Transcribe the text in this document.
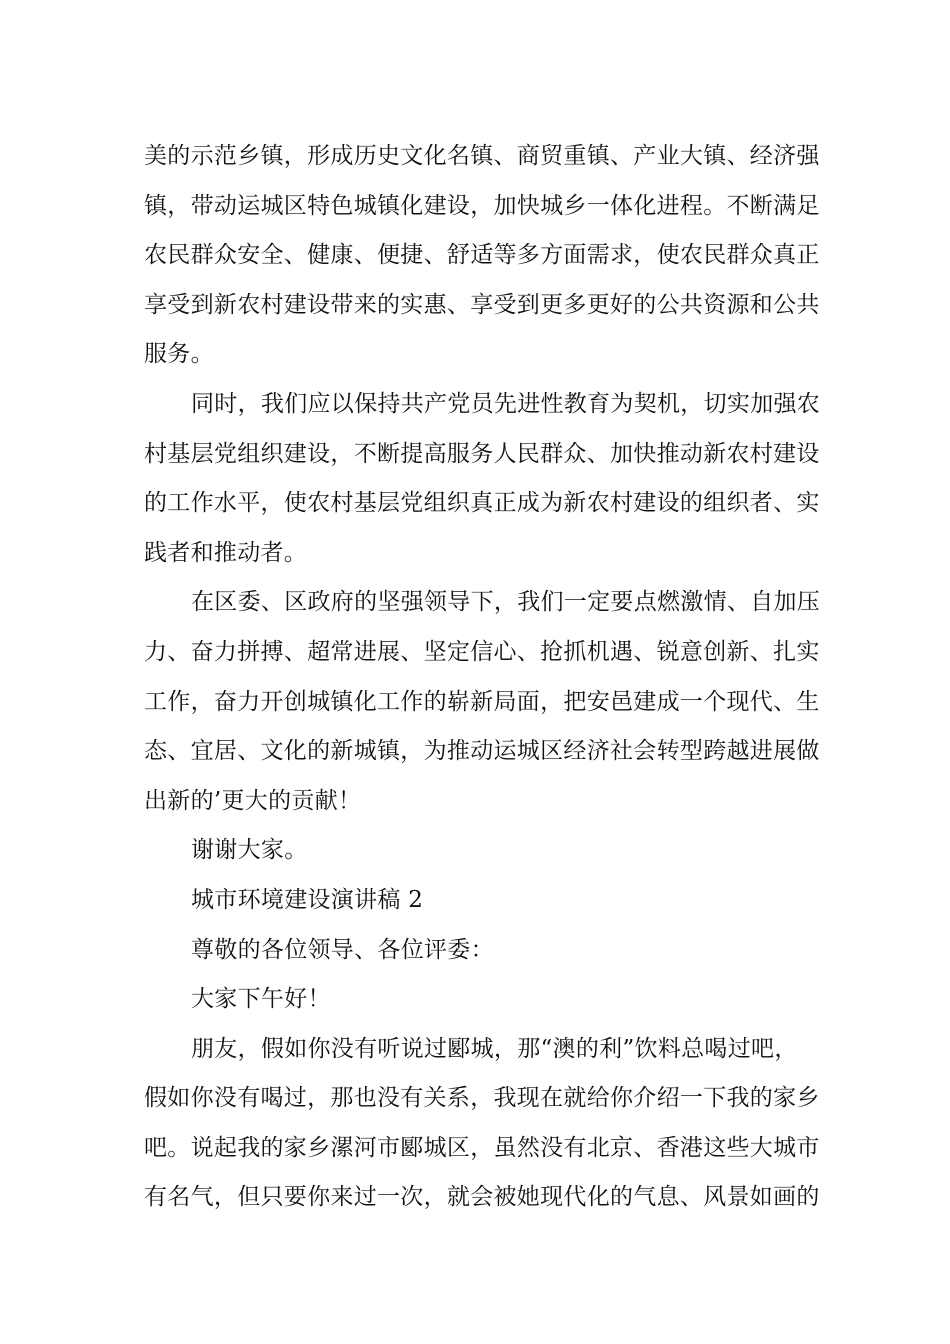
美的示范乡镇，形成历史文化名镇、商贸重镇、产业大镇、经济强
镇，带动运城区特色城镇化建设，加快城乡一体化进程。不断满足
农民群众安全、健康、便捷、舒适等多方面需求，使农民群众真正
享受到新农村建设带来的实惠、享受到更多更好的公共资源和公共
服务。
同时，我们应以保持共产党员先进性教育为契机，切实加强农
村基层党组织建设，不断提高服务人民群众、加快推动新农村建设
的工作水平，使农村基层党组织真正成为新农村建设的组织者、实
践者和推动者。
在区委、区政府的坚强领导下，我们一定要点燃激情、自加压
力、奋力拼搏、超常进展、坚定信心、抢抓机遇、锐意创新、扎实
工作，奋力开创城镇化工作的崭新局面，把安邑建成一个现代、生
态、宜居、文化的新城镇，为推动运城区经济社会转型跨越进展做
出新的’更大的贡献！
谢谢大家。
城市环境建设演讲稿 2
尊敬的各位领导、各位评委：
大家下午好！
朋友，假如你没有听说过郾城，那“澳的利”饮料总喝过吧，
假如你没有喝过，那也没有关系，我现在就给你介绍一下我的家乡
吧。说起我的家乡漯河市郾城区，虽然没有北京、香港这些大城市
有名气，但只要你来过一次，就会被她现代化的气息、风景如画的
